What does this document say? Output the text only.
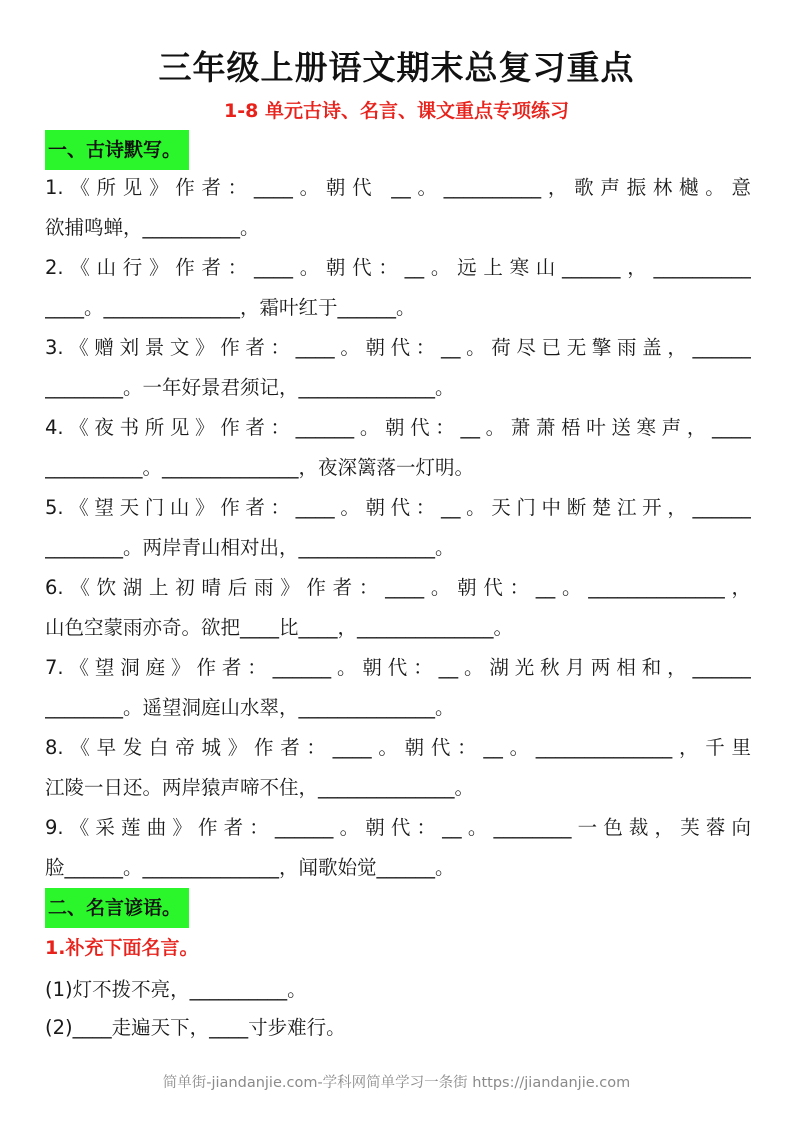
三年级上册语文期末总复习重点
1-8 单元古诗、名言、课文重点专项练习
一、古诗默写。
1.《所见》作者：____。朝代 __。__________，歌声振林樾。意
欲捕鸣蝉，__________。
2.《山行》作者：____。朝代：__。远上寒山______，__________
____。______________，霜叶红于______。
3.《赠刘景文》作者：____。朝代：__。荷尽已无擎雨盖，______
________。一年好景君须记，______________。
4.《夜书所见》作者：______。朝代：__。萧萧梧叶送寒声，____
__________。______________，夜深篱落一灯明。
5.《望天门山》作者：____。朝代：__。天门中断楚江开，______
________。两岸青山相对出，______________。
6.《饮湖上初晴后雨》作者：____。朝代：__。______________，
山色空蒙雨亦奇。欲把____比____，______________。
7.《望洞庭》作者：______。朝代：__。湖光秋月两相和，______
________。遥望洞庭山水翠，______________。
8.《早发白帝城》作者：____。朝代：__。______________，千里
江陵一日还。两岸猿声啼不住，______________。
9.《采莲曲》作者：______。朝代：__。________一色裁，芙蓉向
脸______。______________，闻歌始觉______。
二、名言谚语。
1.补充下面名言。
(1)灯不拨不亮，__________。
(2)____走遍天下，____寸步难行。
简单街-jiandanjie.com-学科网简单学习一条街 https://jiandanjie.com
